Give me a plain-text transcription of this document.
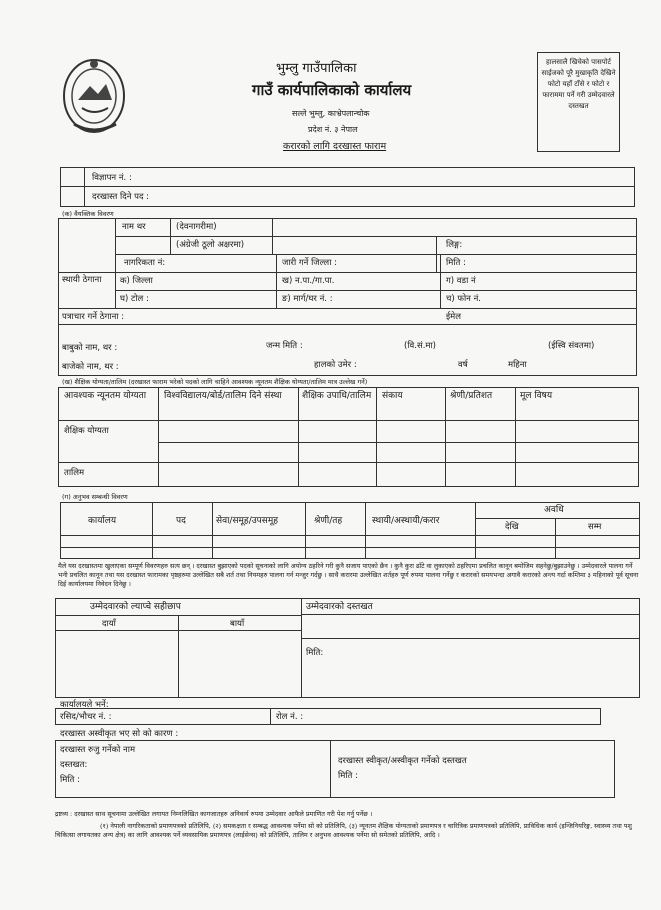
भुम्लु गाउँपालिका
गाउँ कार्यपालिकाको कार्यालय
सल्ले भुम्लु, काभ्रेपलान्चोक
प्रदेश नं. ३ नेपाल
करारको लागि दरखास्त फाराम
हालसालै खिचेको पासपोर्ट साईजको पूरै मुखाकृति देखिने फोटो यहाँ टाँसे र फोटो र फाराममा पर्ने गरी उम्मेदवारले दस्तखत
विज्ञापन नं. :
दरखास्त दिने पद :
(क) वैयक्तिक विवरण
नाम थर	(देवनागरीमा)
(अंग्रेजी ठूलो अक्षरमा)	लिङ्ग:
नागरिकता नं:	जारी गर्ने जिल्ला :	मिति :
स्थायी ठेगाना	क) जिल्ला	ख) न.पा./गा.पा.	ग) वडा नं
घ) टोल :	ङ) मार्ग/घर नं. :	च) फोन नं.
पत्राचार गर्ने ठेगाना :	ईमेल
बाबुको नाम, थर :	जन्म मिति :	(वि.सं.मा)	(ईस्वि संवतमा)
बाजेको नाम, थर :	हालको उमेर :	वर्ष	महिना
(ख) शैक्षिक योग्यता/तालिम (दरखास्त फाराम भरेको पदको लागि चाहिने आवश्यक न्यूनतम शैक्षिक योग्यता/तालिम मात्र उल्लेख गर्ने)
आवश्यक न्यूनतम योग्यता	विश्वविद्यालय/बोर्ड/तालिम दिने संस्था	शैक्षिक उपाधि/तालिम	संकाय	श्रेणी/प्रतिशत	मूल विषय
शैक्षिक योग्यता
तालिम
(ग) अनुभव सम्बन्धी विवरण
कार्यालय	पद	सेवा/समूह/उपसमूह	श्रेणी/तह	स्थायी/अस्थायी/करार
अवधि
देखि	सम्म
मैले यस दरखास्तमा खुलाएका सम्पूर्ण विवरणहरु सत्य छन् । दरखास्त बुझाएको पदको सूचनाको लागि अयोग्य ठहरिने गरी कुनै सजाय पाएको छैन । कुनै कुरा ढाँटे वा लुकाएको ठहरिएमा प्रचलित कानून बमोजिम सहनेछु/बुझाउनेछु । उम्मेदवारले पालना गर्ने भनी प्रचलित कानून तथा यस दरखास्त फारामका पृष्ठहरुमा उल्लेखित सबै शर्त तथा नियमहरु पालना गर्न मन्जुर गर्दछु । साथै करारमा उल्लेखित शर्तहरु पूर्ण रुपमा पालना गर्नेछु र करारको समयभन्दा अगावै करारको अन्त्य गर्दा कम्तिमा ३ महिनाको पूर्व सूचना दिई कार्यालयमा निवेदन दिनेछु ।
उम्मेदवारको ल्याप्चे सहीछाप
दायाँ	बायाँ
उम्मेदवारको दस्तखत
मिति:
कार्यालयले भर्ने:
रसिद/भौचर नं. :	रोल नं. :
दरखास्त अस्वीकृत भए सो को कारण :
दरखास्त रुजु गर्नेको नाम
दस्तखत:
मिति :
दरखास्त स्वीकृत/अस्वीकृत गर्नेको दस्तखत
मिति :
द्रष्टव्य : दरखास्त साथ सूचनामा उल्लेखित लगायत निम्नलिखित कागजातहरु अनिवार्य रुपमा उम्मेदवार आफैले प्रमाणित गरी पेश गर्नु पर्नेछ ।
(१) नेपाली नागरिकताको प्रमाणपत्रको प्रतिलिपि, (२) समकक्षता र सम्बद्ध आवश्यक पर्नेमा सो को प्रतिलिपि, (३) न्यूनतम शैक्षिक योग्यताको प्रमाणपत्र र चारित्रिक प्रमाणपत्रको प्रतिलिपि, प्राविधिक कार्य (इन्जिनियरिङ्ग, स्वास्थ्य तथा पशु चिकित्सा लगायतका अन्य क्षेत्र) का लागि आवश्यक पर्ने व्यवसायिक प्रमाणपत्र (लाईसेन्स) को प्रतिलिपि, तालिम र अनुभव आवश्यक पर्नेमा सो समेतको प्रतिलिपि, आदि ।
